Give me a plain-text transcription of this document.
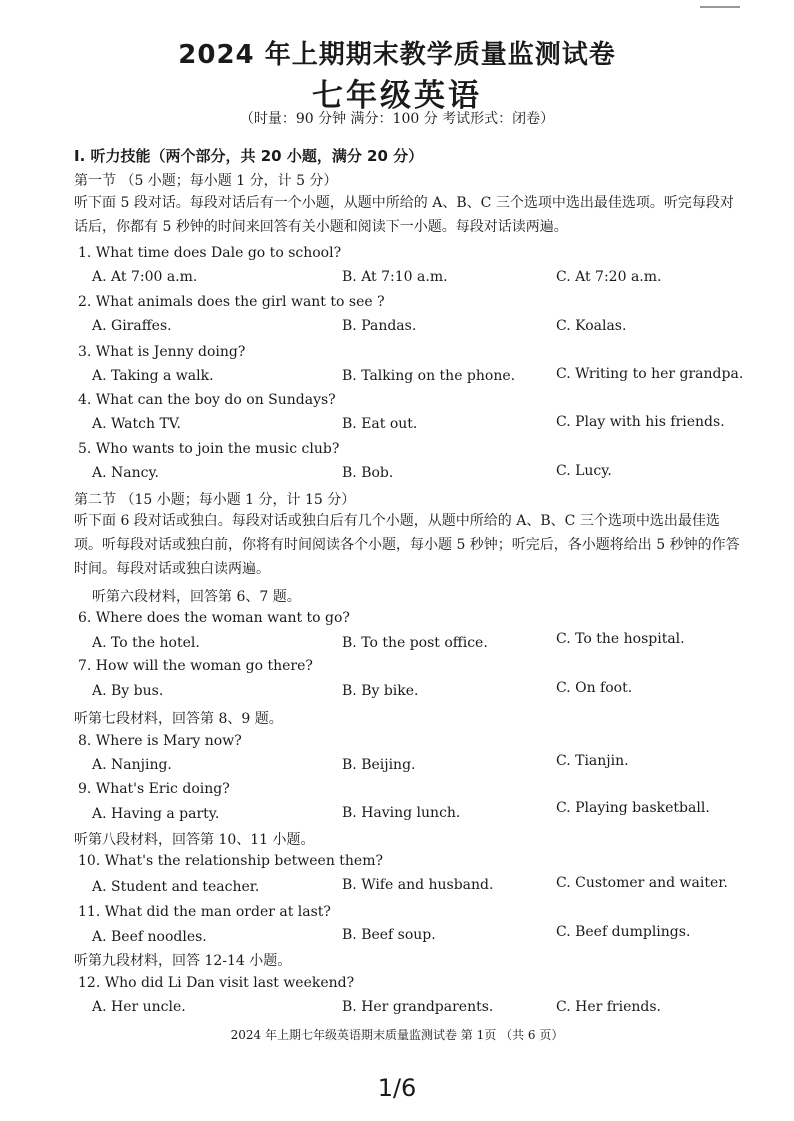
2024 年上期期末教学质量监测试卷
七年级英语
（时量：90 分钟 满分：100 分 考试形式：闭卷）
I. 听力技能（两个部分，共 20 小题，满分 20 分）
第一节 （5 小题；每小题 1 分，计 5 分）
听下面 5 段对话。每段对话后有一个小题，从题中所给的 A、B、C 三个选项中选出最佳选项。听完每段对话后，你都有 5 秒钟的时间来回答有关小题和阅读下一小题。每段对话读两遍。
1. What time does Dale go to school?
A. At 7:00 a.m.	B. At 7:10 a.m.	C. At 7:20 a.m.
2. What animals does the girl want to see ?
A. Giraffes.	B. Pandas.	C. Koalas.
3. What is Jenny doing?
A. Taking a walk.	B. Talking on the phone.	C. Writing to her grandpa.
4. What can the boy do on Sundays?
A. Watch TV.	B. Eat out.	C. Play with his friends.
5. Who wants to join the music club?
A. Nancy.	B. Bob.	C. Lucy.
第二节 （15 小题；每小题 1 分，计 15 分）
听下面 6 段对话或独白。每段对话或独白后有几个小题，从题中所给的 A、B、C 三个选项中选出最佳选项。听每段对话或独白前，你将有时间阅读各个小题，每小题 5 秒钟；听完后，各小题将给出 5 秒钟的作答时间。每段对话或独白读两遍。
听第六段材料，回答第 6、7 题。
6. Where does the woman want to go?
A. To the hotel.	B. To the post office.	C. To the hospital.
7. How will the woman go there?
A. By bus.	B. By bike.	C. On foot.
听第七段材料，回答第 8、9 题。
8. Where is Mary now?
A. Nanjing.	B. Beijing.	C. Tianjin.
9. What's Eric doing?
A. Having a party.	B. Having lunch.	C. Playing basketball.
听第八段材料，回答第 10、11 小题。
10. What's the relationship between them?
A. Student and teacher.	B. Wife and husband.	C. Customer and waiter.
11. What did the man order at last?
A. Beef noodles.	B. Beef soup.	C. Beef dumplings.
听第九段材料，回答 12-14 小题。
12. Who did Li Dan visit last weekend?
A. Her uncle.	B. Her grandparents.	C. Her friends.
2024 年上期七年级英语期末质量监测试卷 第 1页 （共 6 页）
1/6
